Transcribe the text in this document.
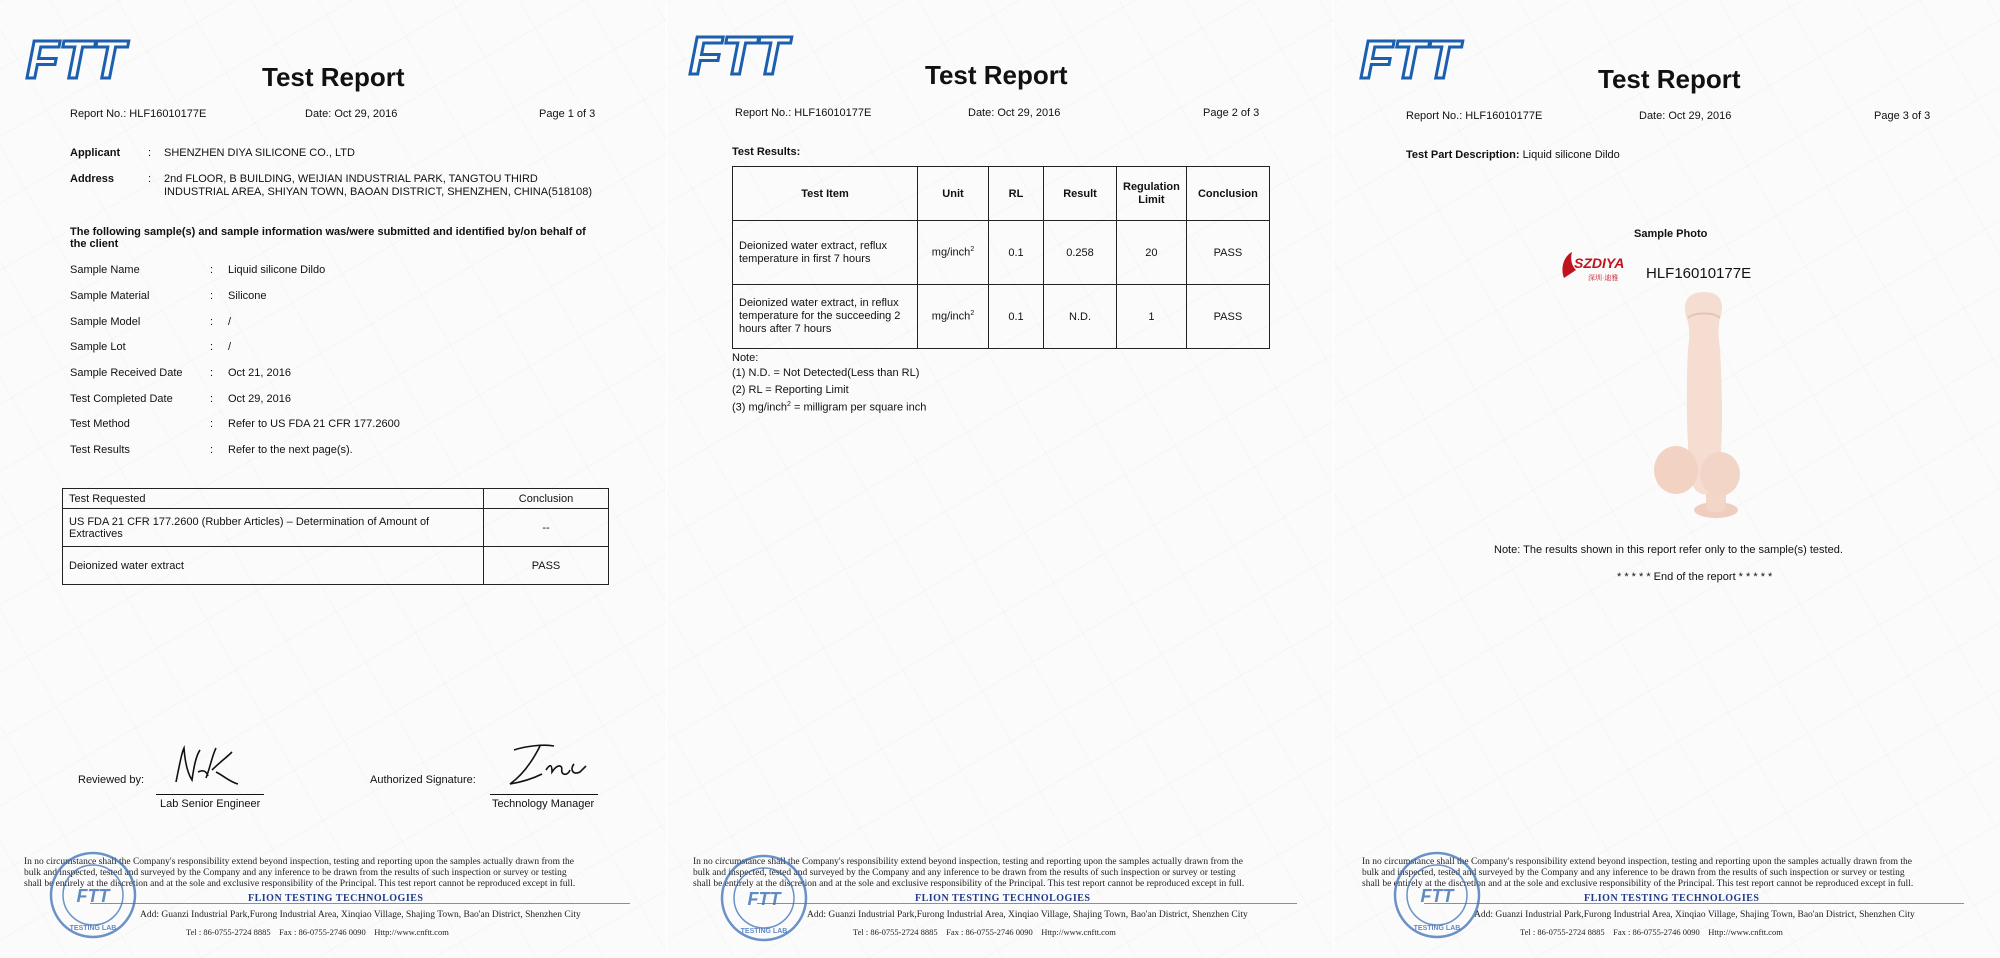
FTT	Test Report
Report No.: HLF16010177E	Date: Oct 29, 2016	Page 1 of 3
Applicant	: SHENZHEN DIYA SILICONE CO., LTD
Address	: 2nd FLOOR, B BUILDING, WEIJIAN INDUSTRIAL PARK, TANGTOU THIRD
INDUSTRIAL AREA, SHIYAN TOWN, BAOAN DISTRICT, SHENZHEN, CHINA(518108)
The following sample(s) and sample information was/were submitted and identified by/on behalf of
the client
Sample Name	: Liquid silicone Dildo
Sample Material	: Silicone
Sample Model	: /
Sample Lot	: /
Sample Received Date : Oct 21, 2016
Test Completed Date	: Oct 29, 2016
Test Method	: Refer to US FDA 21 CFR 177.2600
Test Results	: Refer to the next page(s).
Test Requested	Conclusion

US FDA 21 CFR 177.2600 (Rubber Articles) – Determination of Amount of
Extractives	--
Deionized water extract	PASS
Reviewed by:
Lab Senior Engineer
Authorized Signature:
Technology Manager
In no circumstance shall the Company's responsibility extend beyond inspection, testing and reporting upon the samples actually drawn from the
bulk and inspected, tested and surveyed by the Company and any inference to be drawn from the results of such inspection or survey or testing
shall be entirely at the discretion and at the sole and exclusive responsibility of the Principal. This test report cannot be reproduced except in full.
FLION TESTING TECHNOLOGIES
Add: Guanzi Industrial Park,Furong Industrial Area, Xinqiao Village, Shajing Town, Bao'an District, Shenzhen City
Tel : 86-0755-2724 8885 Fax : 86-0755-2746 0090 Http://www.cnftt.com
FTT
TESTING LAB
FTT	Test Report
Report No.: HLF16010177E	Date: Oct 29, 2016	Page 2 of 3
Test Results:
Test Item	Unit	RL	Result	Regulation Limit	Conclusion

Deionized water extract, reflux
temperature in first 7 hours	mg/inch$^2$	0.1	0.258	20	PASS

Deionized water extract, in reflux
temperature for the succeeding 2
hours after 7 hours	mg/inch$^2$	0.1	N.D.	1	PASS
Note:
(1) N.D. = Not Detected(Less than RL)
(2) RL = Reporting Limit
(3) mg/inch$^2$ = milligram per square inch
In no circumstance shall the Company's responsibility extend beyond inspection, testing and reporting upon the samples actually drawn from the
bulk and inspected, tested and surveyed by the Company and any inference to be drawn from the results of such inspection or survey or testing
shall be entirely at the discretion and at the sole and exclusive responsibility of the Principal. This test report cannot be reproduced except in full.
FLION TESTING TECHNOLOGIES
Add: Guanzi Industrial Park,Furong Industrial Area, Xinqiao Village, Shajing Town, Bao'an District, Shenzhen City
Tel : 86-0755-2724 8885 Fax : 86-0755-2746 0090 Http://www.cnftt.com
FTT
TESTING LAB
FTT	Test Report
Report No.: HLF16010177E	Date: Oct 29, 2016	Page 3 of 3
Test Part Description: Liquid silicone Dildo
Sample Photo
SZDIYA
深圳·迪雅 HLF16010177E
Note: The results shown in this report refer only to the sample(s) tested.
* * * * * End of the report * * * * *
In no circumstance shall the Company's responsibility extend beyond inspection, testing and reporting upon the samples actually drawn from the
bulk and inspected, tested and surveyed by the Company and any inference to be drawn from the results of such inspection or survey or testing
shall be entirely at the discretion and at the sole and exclusive responsibility of the Principal. This test report cannot be reproduced except in full.
FLION TESTING TECHNOLOGIES
Add: Guanzi Industrial Park,Furong Industrial Area, Xinqiao Village, Shajing Town, Bao'an District, Shenzhen City
Tel : 86-0755-2724 8885 Fax : 86-0755-2746 0090 Http://www.cnftt.com
FTT
TESTING LAB
